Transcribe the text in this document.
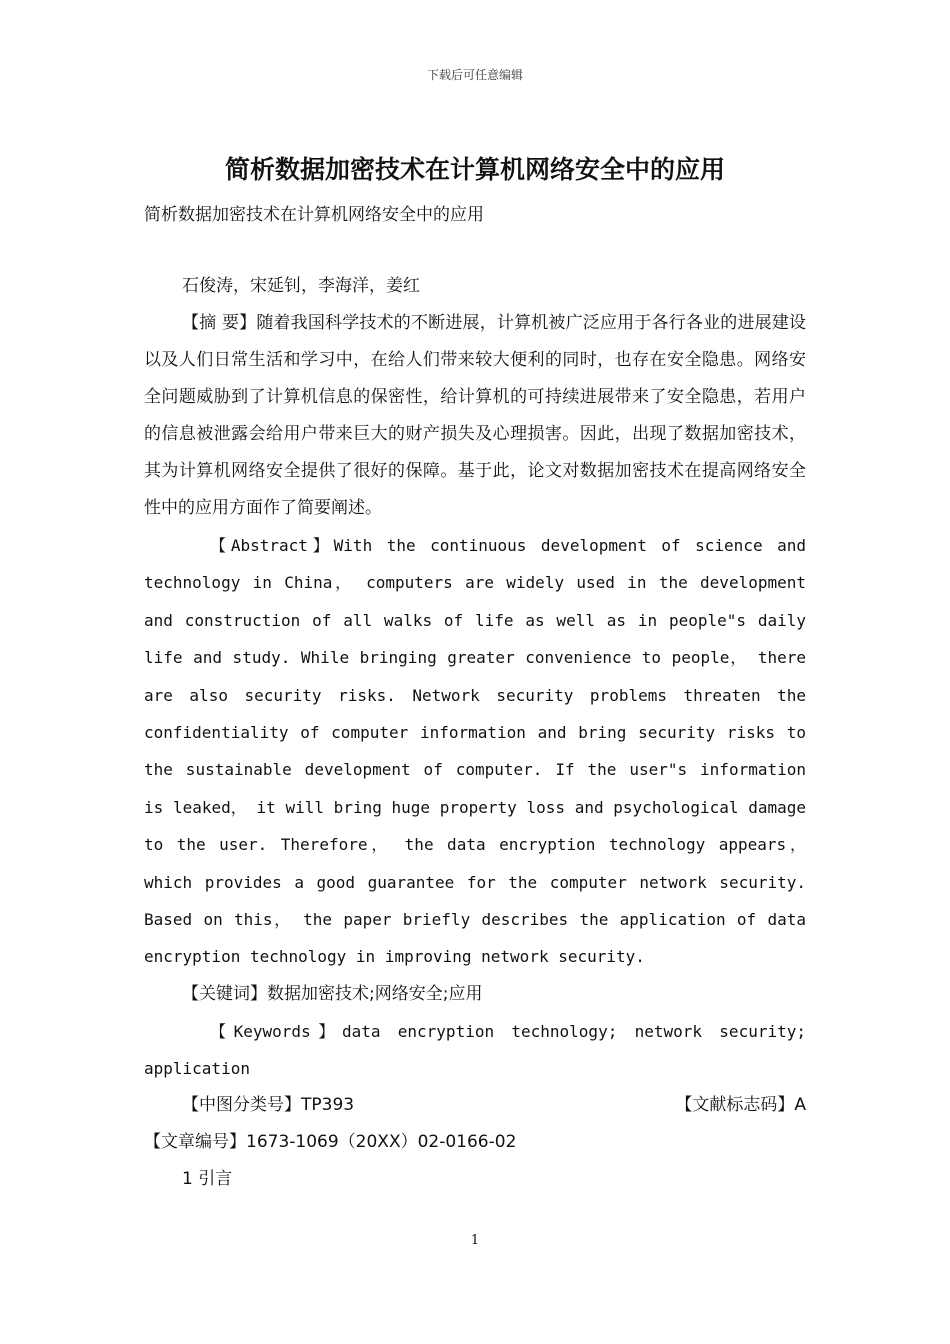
下载后可任意编辑
简析数据加密技术在计算机网络安全中的应用
简析数据加密技术在计算机网络安全中的应用
石俊涛，宋延钊，李海洋，姜红

【摘 要】随着我国科学技术的不断进展，计算机被广泛应用于各行各业的进展建设以及人们日常生活和学习中，在给人们带来较大便利的同时，也存在安全隐患。网络安全问题威胁到了计算机信息的保密性，给计算机的可持续进展带来了安全隐患，若用户的信息被泄露会给用户带来巨大的财产损失及心理损害。因此，出现了数据加密技术，其为计算机网络安全提供了很好的保障。基于此，论文对数据加密技术在提高网络安全性中的应用方面作了简要阐述。

【Abstract】With the continuous development of science and technology in China， computers are widely used in the development and construction of all walks of life as well as in people"s daily life and study. While bringing greater convenience to people， there are also security risks. Network security problems threaten the confidentiality of computer information and bring security risks to the sustainable development of computer. If the user"s information is leaked， it will bring huge property loss and psychological damage to the user. Therefore， the data encryption technology appears， which provides a good guarantee for the computer network security. Based on this， the paper briefly describes the application of data encryption technology in improving network security.

【关键词】数据加密技术;网络安全;应用

【Keywords】data encryption technology; network security; application

【中图分类号】TP393	【文献标志码】A
【文章编号】1673-1069（20XX）02-0166-02
1 引言
1
